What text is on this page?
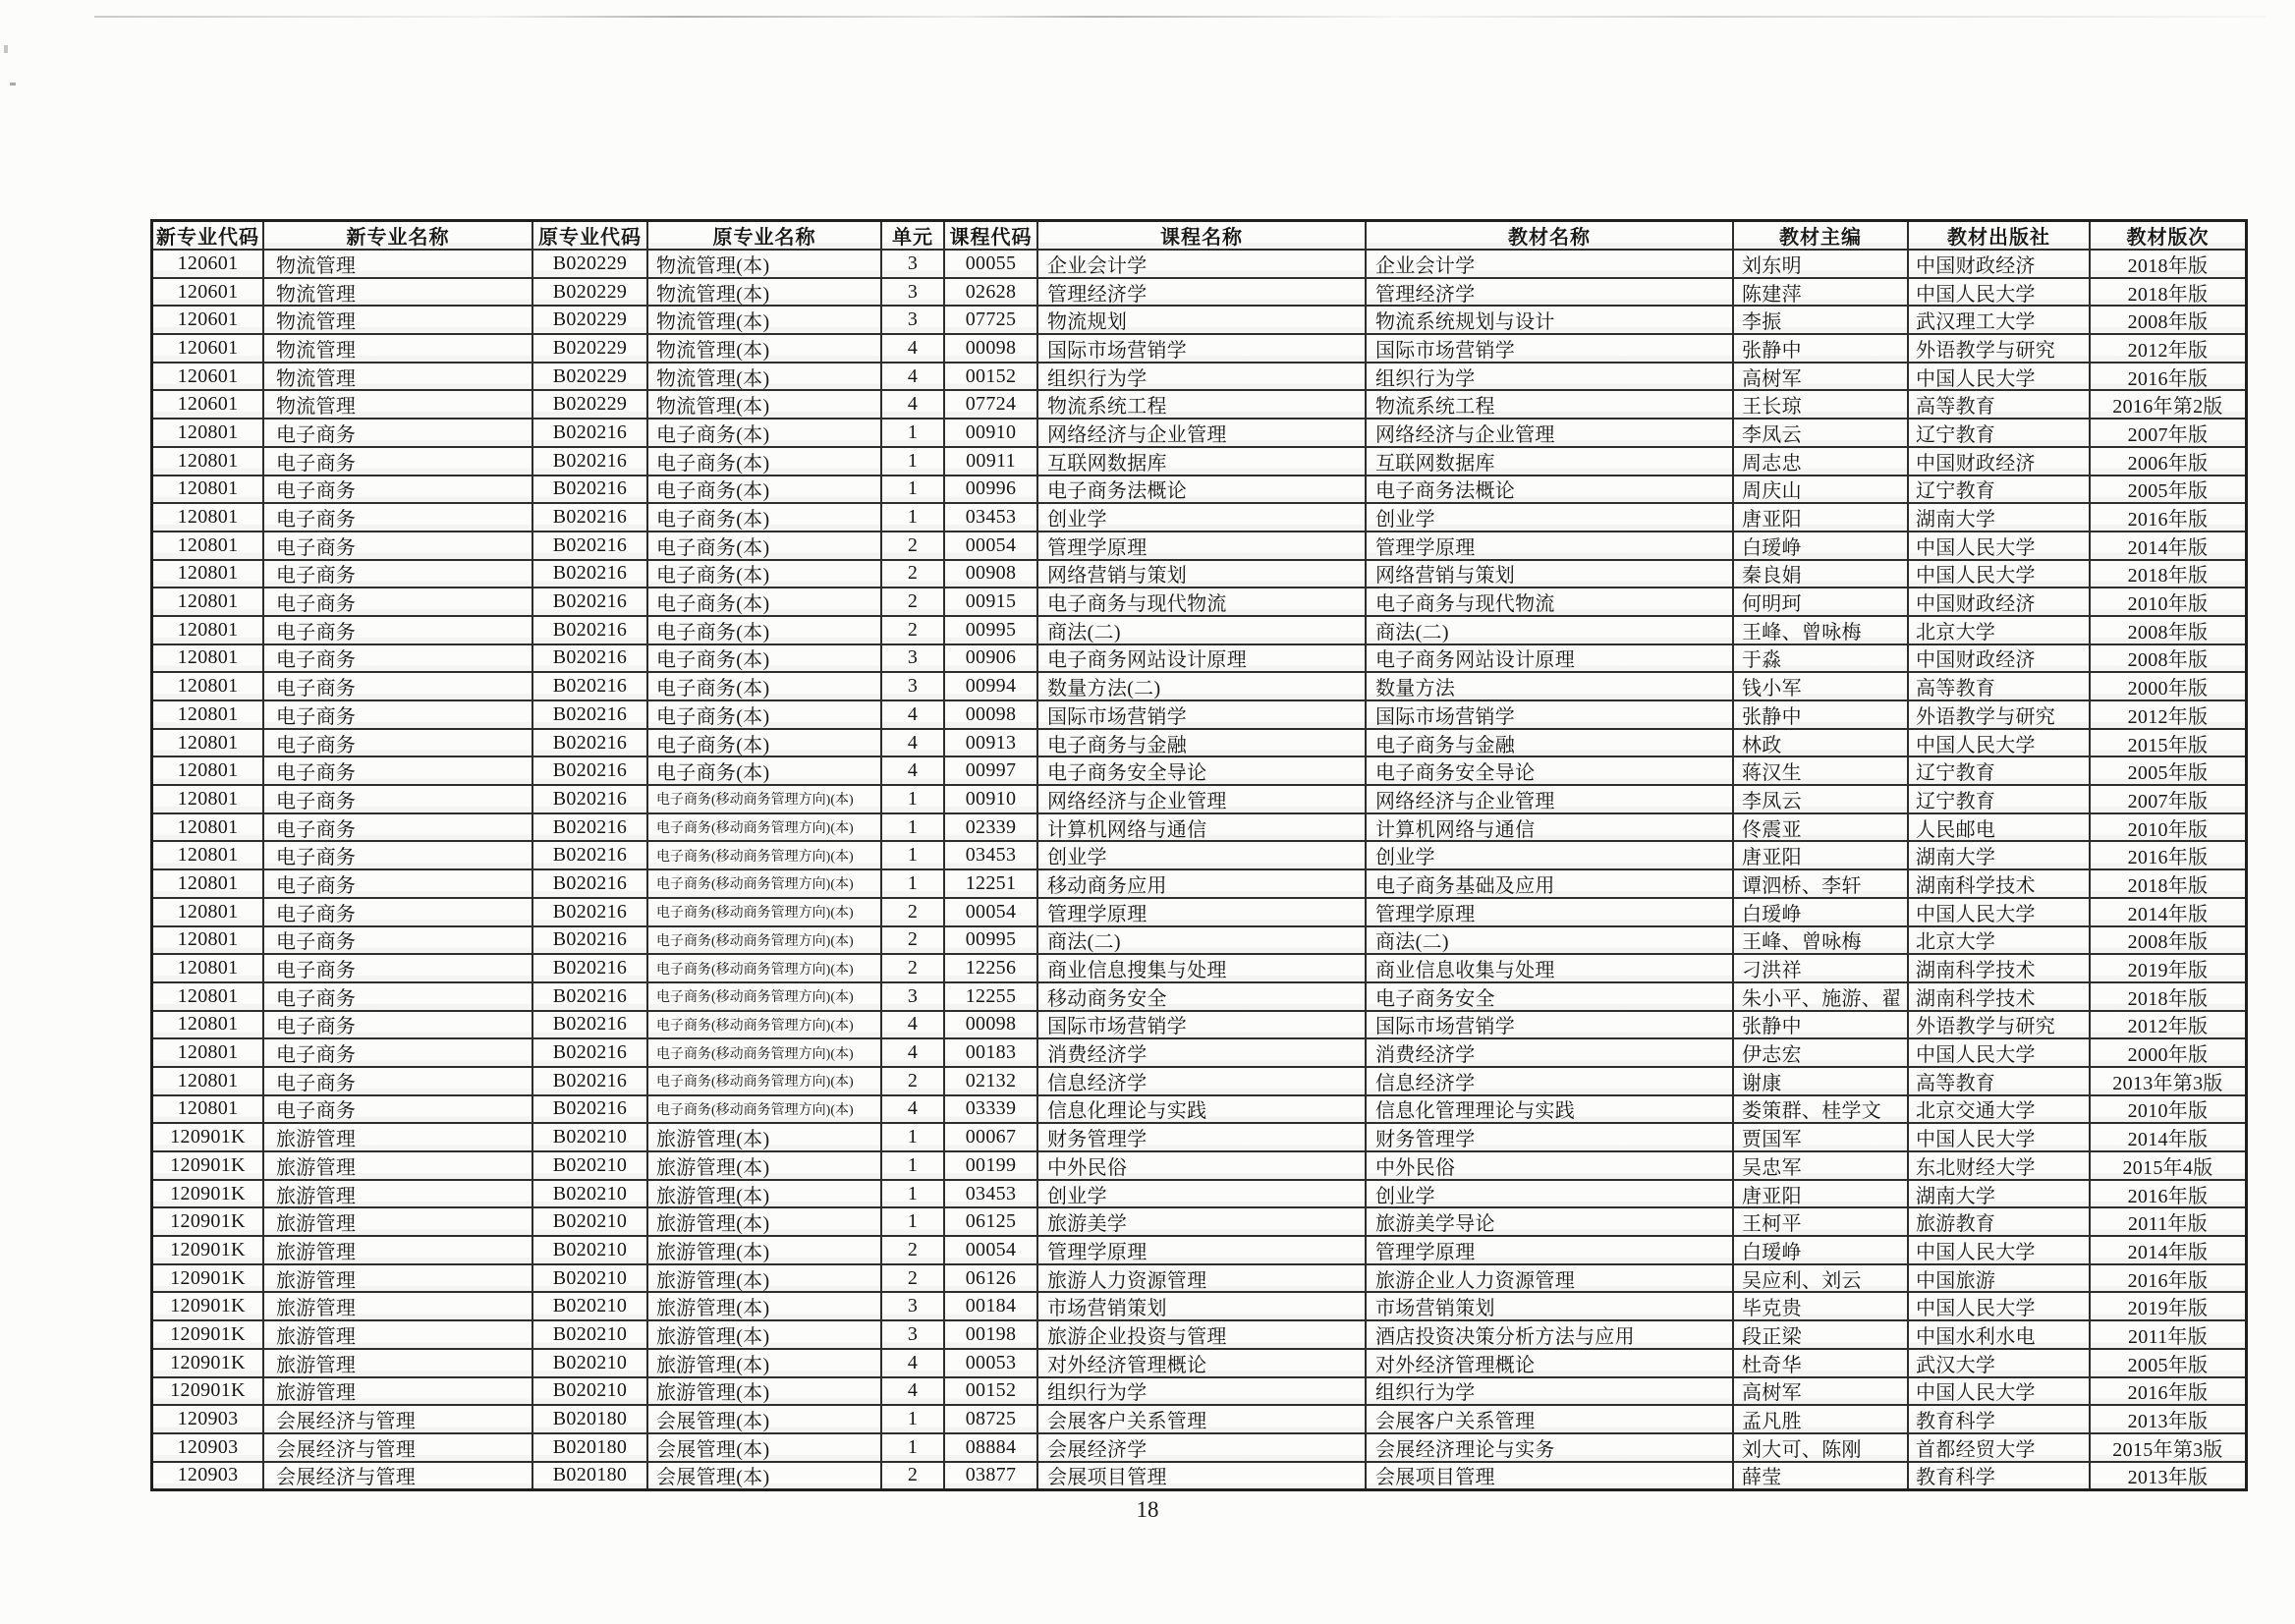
新专业代码	新专业名称	原专业代码	原专业名称	单元 课程代码	课程名称	教材名称	教材主编	教材出版社	教材版次
120601	物流管理	B020229	物流管理(本)	3	00055	企业会计学	企业会计学	刘东明	中国财政经济	2018年版
120601	物流管理	B020229	物流管理(本)	3	02628	管理经济学	管理经济学	陈建萍	中国人民大学	2018年版
120601	物流管理	B020229	物流管理(本)	3	07725	物流规划	物流系统规划与设计	李振	武汉理工大学	2008年版
120601	物流管理	B020229	物流管理(本)	4	00098	国际市场营销学	国际市场营销学	张静中	外语教学与研究	2012年版
120601	物流管理	B020229	物流管理(本)	4	00152	组织行为学	组织行为学	高树军	中国人民大学	2016年版
120601	物流管理	B020229	物流管理(本)	4	07724	物流系统工程	物流系统工程	王长琼	高等教育	2016年第2版
120801	电子商务	B020216	电子商务(本)	1	00910	网络经济与企业管理	网络经济与企业管理	李凤云	辽宁教育	2007年版
120801	电子商务	B020216	电子商务(本)	1	00911	互联网数据库	互联网数据库	周志忠	中国财政经济	2006年版
120801	电子商务	B020216	电子商务(本)	1	00996	电子商务法概论	电子商务法概论	周庆山	辽宁教育	2005年版
120801	电子商务	B020216	电子商务(本)	1	03453	创业学	创业学	唐亚阳	湖南大学	2016年版
120801	电子商务	B020216	电子商务(本)	2	00054	管理学原理	管理学原理	白瑷峥	中国人民大学	2014年版
120801	电子商务	B020216	电子商务(本)	2	00908	网络营销与策划	网络营销与策划	秦良娟	中国人民大学	2018年版
120801	电子商务	B020216	电子商务(本)	2	00915	电子商务与现代物流	电子商务与现代物流	何明珂	中国财政经济	2010年版
120801	电子商务	B020216	电子商务(本)	2	00995	商法(二)	商法(二)	王峰、曾咏梅	北京大学	2008年版
120801	电子商务	B020216	电子商务(本)	3	00906	电子商务网站设计原理	电子商务网站设计原理	于淼	中国财政经济	2008年版
120801	电子商务	B020216	电子商务(本)	3	00994	数量方法(二)	数量方法	钱小军	高等教育	2000年版
120801	电子商务	B020216	电子商务(本)	4	00098	国际市场营销学	国际市场营销学	张静中	外语教学与研究	2012年版
120801	电子商务	B020216	电子商务(本)	4	00913	电子商务与金融	电子商务与金融	林政	中国人民大学	2015年版
120801	电子商务	B020216	电子商务(本)	4	00997	电子商务安全导论	电子商务安全导论	蒋汉生	辽宁教育	2005年版
120801	电子商务	B020216	电子商务(移动商务管理方向)(本)	1	00910	网络经济与企业管理	网络经济与企业管理	李凤云	辽宁教育	2007年版
120801	电子商务	B020216	电子商务(移动商务管理方向)(本)	1	02339	计算机网络与通信	计算机网络与通信	佟震亚	人民邮电	2010年版
120801	电子商务	B020216	电子商务(移动商务管理方向)(本)	1	03453	创业学	创业学	唐亚阳	湖南大学	2016年版
120801	电子商务	B020216	电子商务(移动商务管理方向)(本)	1	12251	移动商务应用	电子商务基础及应用	谭泗桥、李轩	湖南科学技术	2018年版
120801	电子商务	B020216	电子商务(移动商务管理方向)(本)	2	00054	管理学原理	管理学原理	白瑷峥	中国人民大学	2014年版
120801	电子商务	B020216	电子商务(移动商务管理方向)(本)	2	00995	商法(二)	商法(二)	王峰、曾咏梅	北京大学	2008年版
120801	电子商务	B020216	电子商务(移动商务管理方向)(本)	2	12256	商业信息搜集与处理	商业信息收集与处理	刁洪祥	湖南科学技术	2019年版
120801	电子商务	B020216	电子商务(移动商务管理方向)(本)	3	12255	移动商务安全	电子商务安全	朱小平、施游、翟 湖南科学技术	2018年版
120801	电子商务	B020216	电子商务(移动商务管理方向)(本)	4	00098	国际市场营销学	国际市场营销学	张静中	外语教学与研究	2012年版
120801	电子商务	B020216	电子商务(移动商务管理方向)(本)	4	00183	消费经济学	消费经济学	伊志宏	中国人民大学	2000年版
120801	电子商务	B020216	电子商务(移动商务管理方向)(本)	2	02132	信息经济学	信息经济学	谢康	高等教育	2013年第3版
120801	电子商务	B020216	电子商务(移动商务管理方向)(本)	4	03339	信息化理论与实践	信息化管理理论与实践	娄策群、桂学文	北京交通大学	2010年版
120901K	旅游管理	B020210	旅游管理(本)	1	00067	财务管理学	财务管理学	贾国军	中国人民大学	2014年版
120901K	旅游管理	B020210	旅游管理(本)	1	00199	中外民俗	中外民俗	吴忠军	东北财经大学	2015年4版
120901K	旅游管理	B020210	旅游管理(本)	1	03453	创业学	创业学	唐亚阳	湖南大学	2016年版
120901K	旅游管理	B020210	旅游管理(本)	1	06125	旅游美学	旅游美学导论	王柯平	旅游教育	2011年版
120901K	旅游管理	B020210	旅游管理(本)	2	00054	管理学原理	管理学原理	白瑷峥	中国人民大学	2014年版
120901K	旅游管理	B020210	旅游管理(本)	2	06126	旅游人力资源管理	旅游企业人力资源管理	吴应利、刘云	中国旅游	2016年版
120901K	旅游管理	B020210	旅游管理(本)	3	00184	市场营销策划	市场营销策划	毕克贵	中国人民大学	2019年版
120901K	旅游管理	B020210	旅游管理(本)	3	00198	旅游企业投资与管理	酒店投资决策分析方法与应用	段正梁	中国水利水电	2011年版
120901K	旅游管理	B020210	旅游管理(本)	4	00053	对外经济管理概论	对外经济管理概论	杜奇华	武汉大学	2005年版
120901K	旅游管理	B020210	旅游管理(本)	4	00152	组织行为学	组织行为学	高树军	中国人民大学	2016年版
120903	会展经济与管理	B020180	会展管理(本)	1	08725	会展客户关系管理	会展客户关系管理	孟凡胜	教育科学	2013年版
120903	会展经济与管理	B020180	会展管理(本)	1	08884	会展经济学	会展经济理论与实务	刘大可、陈刚	首都经贸大学	2015年第3版
120903	会展经济与管理	B020180	会展管理(本)	2	03877	会展项目管理	会展项目管理	薛莹	教育科学	2013年版
18
